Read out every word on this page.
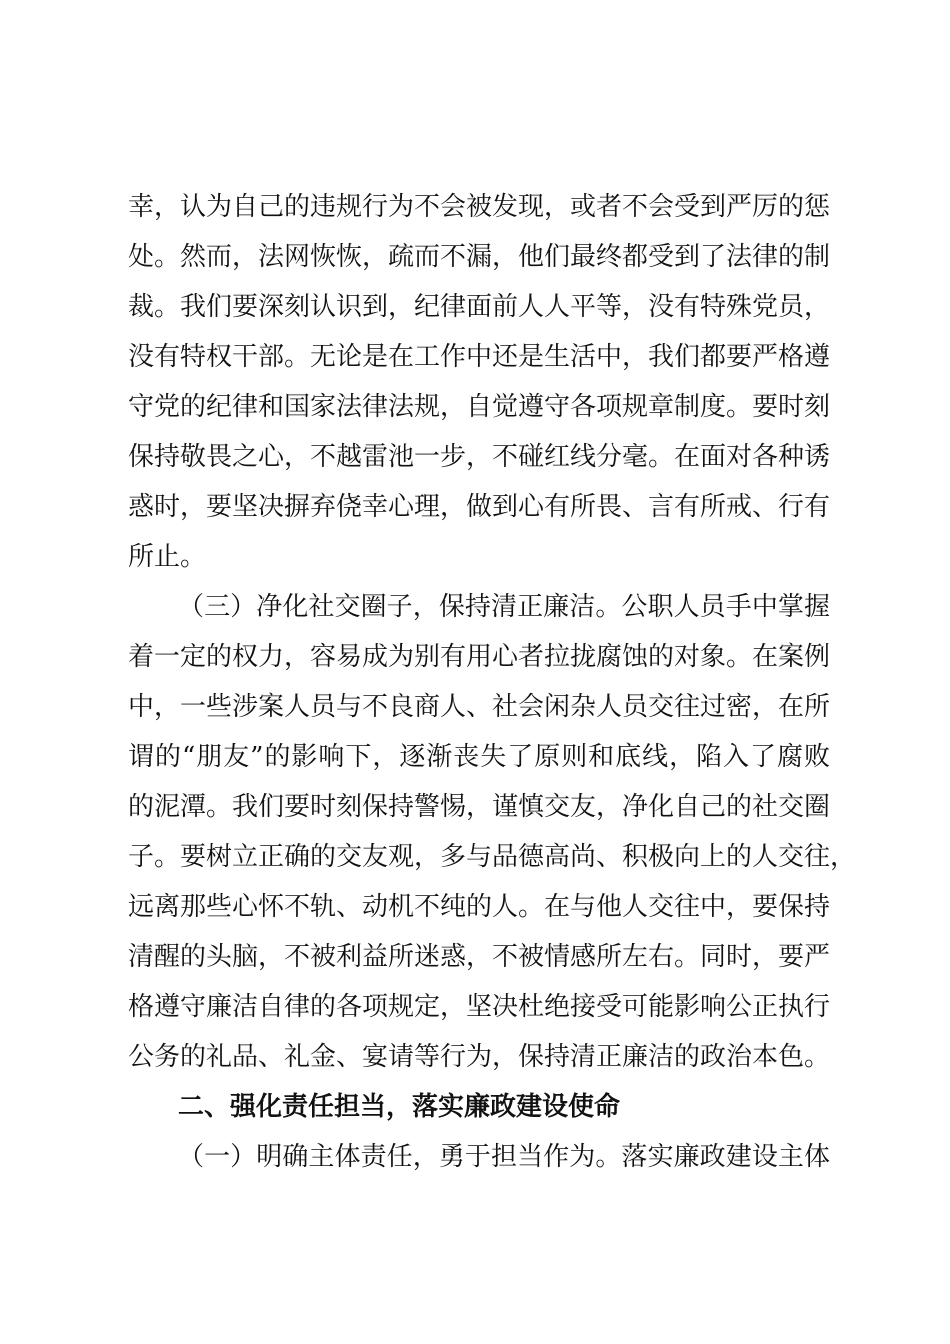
幸，认为自己的违规行为不会被发现，或者不会受到严厉的惩
处。然而，法网恢恢，疏而不漏，他们最终都受到了法律的制
裁。我们要深刻认识到，纪律面前人人平等，没有特殊党员，
没有特权干部。无论是在工作中还是生活中，我们都要严格遵
守党的纪律和国家法律法规，自觉遵守各项规章制度。要时刻
保持敬畏之心，不越雷池一步，不碰红线分毫。在面对各种诱
惑时，要坚决摒弃侥幸心理，做到心有所畏、言有所戒、行有
所止。
（三）净化社交圈子，保持清正廉洁。公职人员手中掌握
着一定的权力，容易成为别有用心者拉拢腐蚀的对象。在案例
中，一些涉案人员与不良商人、社会闲杂人员交往过密，在所
谓的“朋友”的影响下，逐渐丧失了原则和底线，陷入了腐败
的泥潭。我们要时刻保持警惕，谨慎交友，净化自己的社交圈
子。要树立正确的交友观，多与品德高尚、积极向上的人交往，
远离那些心怀不轨、动机不纯的人。在与他人交往中，要保持
清醒的头脑，不被利益所迷惑，不被情感所左右。同时，要严
格遵守廉洁自律的各项规定，坚决杜绝接受可能影响公正执行
公务的礼品、礼金、宴请等行为，保持清正廉洁的政治本色。
二、强化责任担当，落实廉政建设使命
（一）明确主体责任，勇于担当作为。落实廉政建设主体
